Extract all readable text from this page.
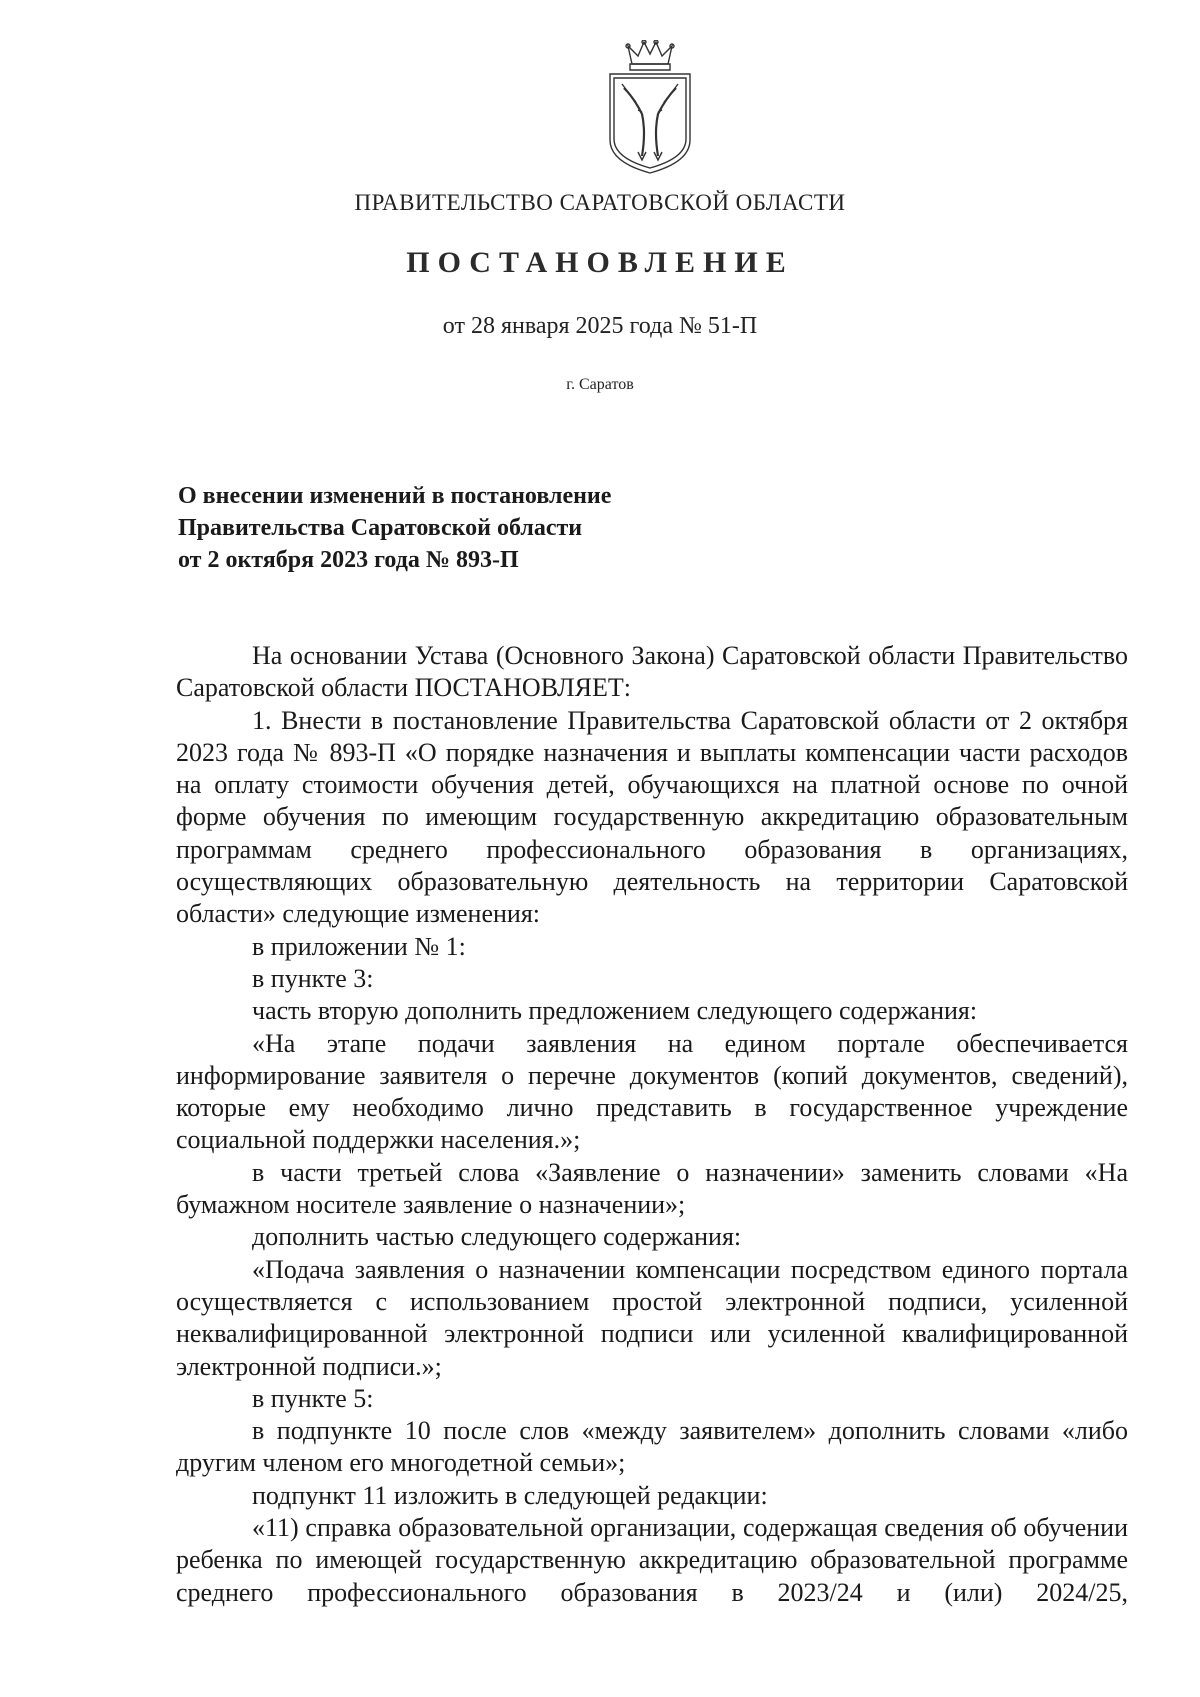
ПРАВИТЕЛЬСТВО САРАТОВСКОЙ ОБЛАСТИ
ПОСТАНОВЛЕНИЕ
от 28 января 2025 года № 51-П
г. Саратов
О внесении изменений в постановление
Правительства Саратовской области
от 2 октября 2023 года № 893-П

На основании Устава (Основного Закона) Саратовской области Правительство Саратовской области ПОСТАНОВЛЯЕТ:

1. Внести в постановление Правительства Саратовской области от 2 октября 2023 года № 893-П «О порядке назначения и выплаты компенсации части расходов на оплату стоимости обучения детей, обучающихся на платной основе по очной форме обучения по имеющим государственную аккредитацию образовательным программам среднего профессионального образования в организациях, осуществляющих образовательную деятельность на территории Саратовской области» следующие изменения:

в приложении № 1:

в пункте 3:

часть вторую дополнить предложением следующего содержания:

«На этапе подачи заявления на едином портале обеспечивается информирование заявителя о перечне документов (копий документов, сведений), которые ему необходимо лично представить в государственное учреждение социальной поддержки населения.»;

в части третьей слова «Заявление о назначении» заменить словами «На бумажном носителе заявление о назначении»;

дополнить частью следующего содержания:

«Подача заявления о назначении компенсации посредством единого портала осуществляется с использованием простой электронной подписи, усиленной неквалифицированной электронной подписи или усиленной квалифицированной электронной подписи.»;

в пункте 5:

в подпункте 10 после слов «между заявителем» дополнить словами «либо другим членом его многодетной семьи»;

подпункт 11 изложить в следующей редакции:

«11) справка образовательной организации, содержащая сведения об обучении ребенка по имеющей государственную аккредитацию образовательной программе среднего профессионального образования в 2023/24 и (или) 2024/25,
